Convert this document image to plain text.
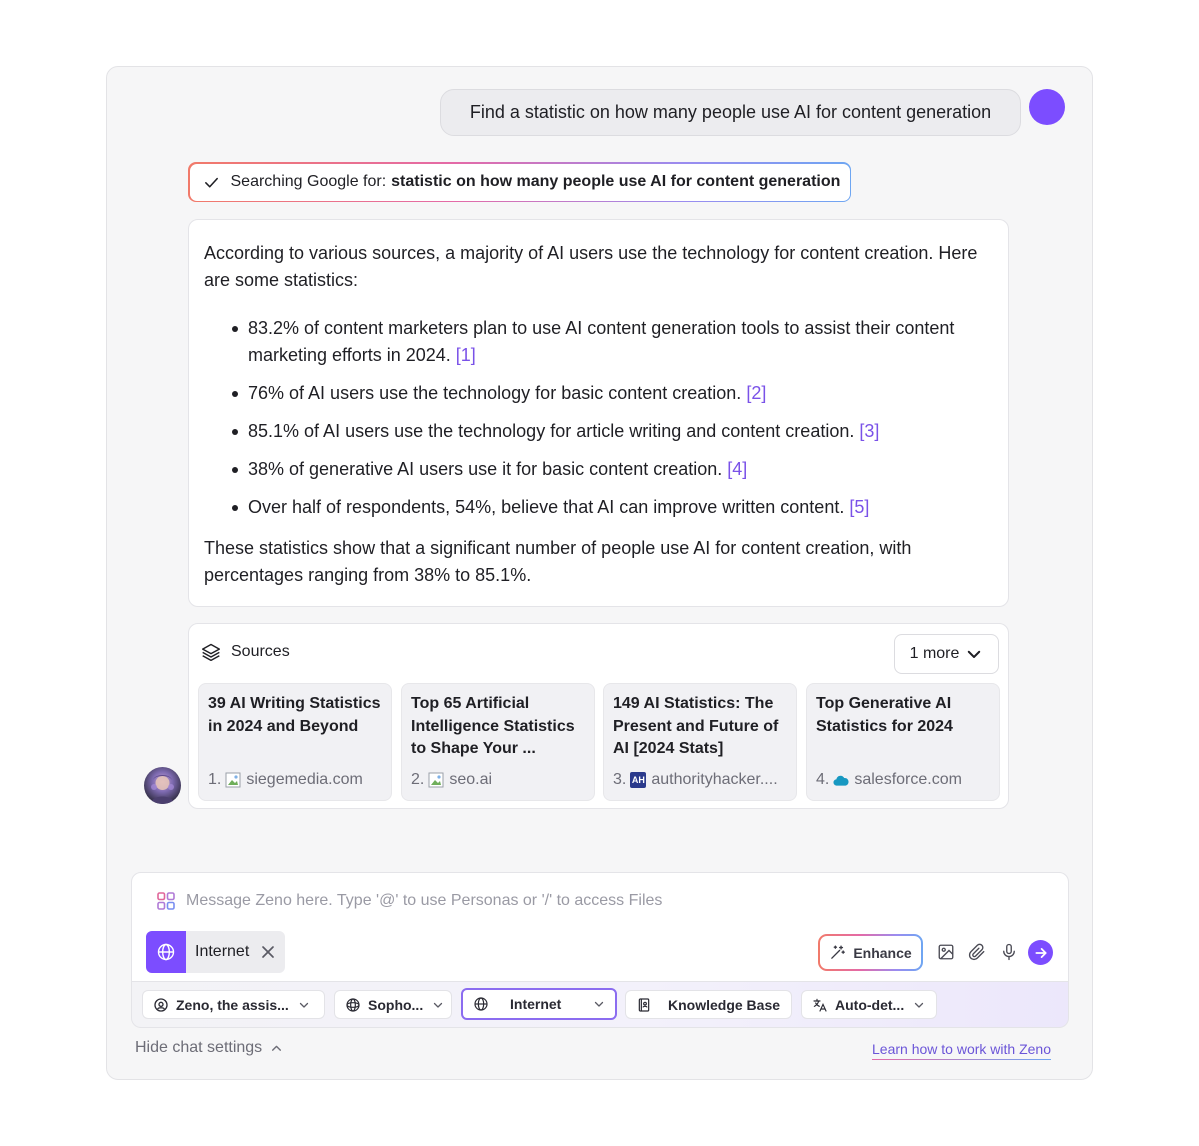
Find a statistic on how many people use AI for content generation
Searching Google for: statistic on how many people use AI for content generation

According to various sources, a majority of AI users use the technology for content creation. Here are some statistics:

83.2% of content marketers plan to use AI content generation tools to assist their content marketing efforts in 2024. [1]
76% of AI users use the technology for basic content creation. [2]
85.1% of AI users use the technology for article writing and content creation. [3]
38% of generative AI users use it for basic content creation. [4]
Over half of respondents, 54%, believe that AI can improve written content. [5]

These statistics show that a significant number of people use AI for content creation, with percentages ranging from 38% to 85.1%.

Sources	1 more
39 AI Writing Statistics in 2024 and Beyond
1. siegemedia.com
Top 65 Artificial Intelligence Statistics to Shape Your ...
2. seo.ai
149 AI Statistics: The Present and Future of AI [2024 Stats]
3. AH authorityhacker....
Top Generative AI Statistics for 2024
4. salesforce.com
Message Zeno here. Type '@' to use Personas or '/' to access Files
Internet	Enhance
Zeno, the assis...	Sopho...	Internet	Knowledge Base	Auto-det...
Hide chat settings	Learn how to work with Zeno
